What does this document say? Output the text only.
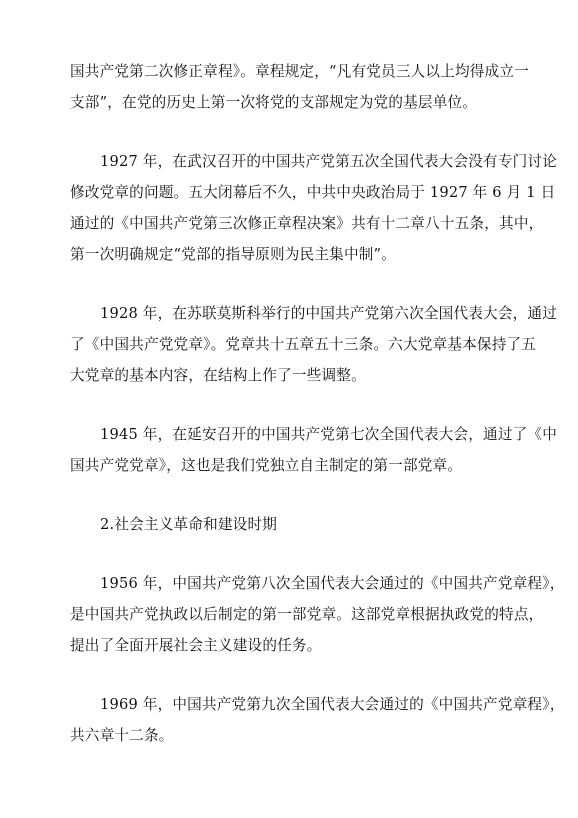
国共产党第二次修正章程》。章程规定，“凡有党员三人以上均得成立一
支部”，在党的历史上第一次将党的支部规定为党的基层单位。

1927 年，在武汉召开的中国共产党第五次全国代表大会没有专门讨论
修改党章的问题。五大闭幕后不久，中共中央政治局于 1927 年 6 月 1 日
通过的《中国共产党第三次修正章程决案》共有十二章八十五条，其中，
第一次明确规定“党部的指导原则为民主集中制”。

1928 年，在苏联莫斯科举行的中国共产党第六次全国代表大会，通过
了《中国共产党党章》。党章共十五章五十三条。六大党章基本保持了五
大党章的基本内容，在结构上作了一些调整。

1945 年，在延安召开的中国共产党第七次全国代表大会，通过了《中
国共产党党章》，这也是我们党独立自主制定的第一部党章。

2.社会主义革命和建设时期

1956 年，中国共产党第八次全国代表大会通过的《中国共产党章程》，
是中国共产党执政以后制定的第一部党章。这部党章根据执政党的特点，
提出了全面开展社会主义建设的任务。

1969 年，中国共产党第九次全国代表大会通过的《中国共产党章程》，
共六章十二条。
